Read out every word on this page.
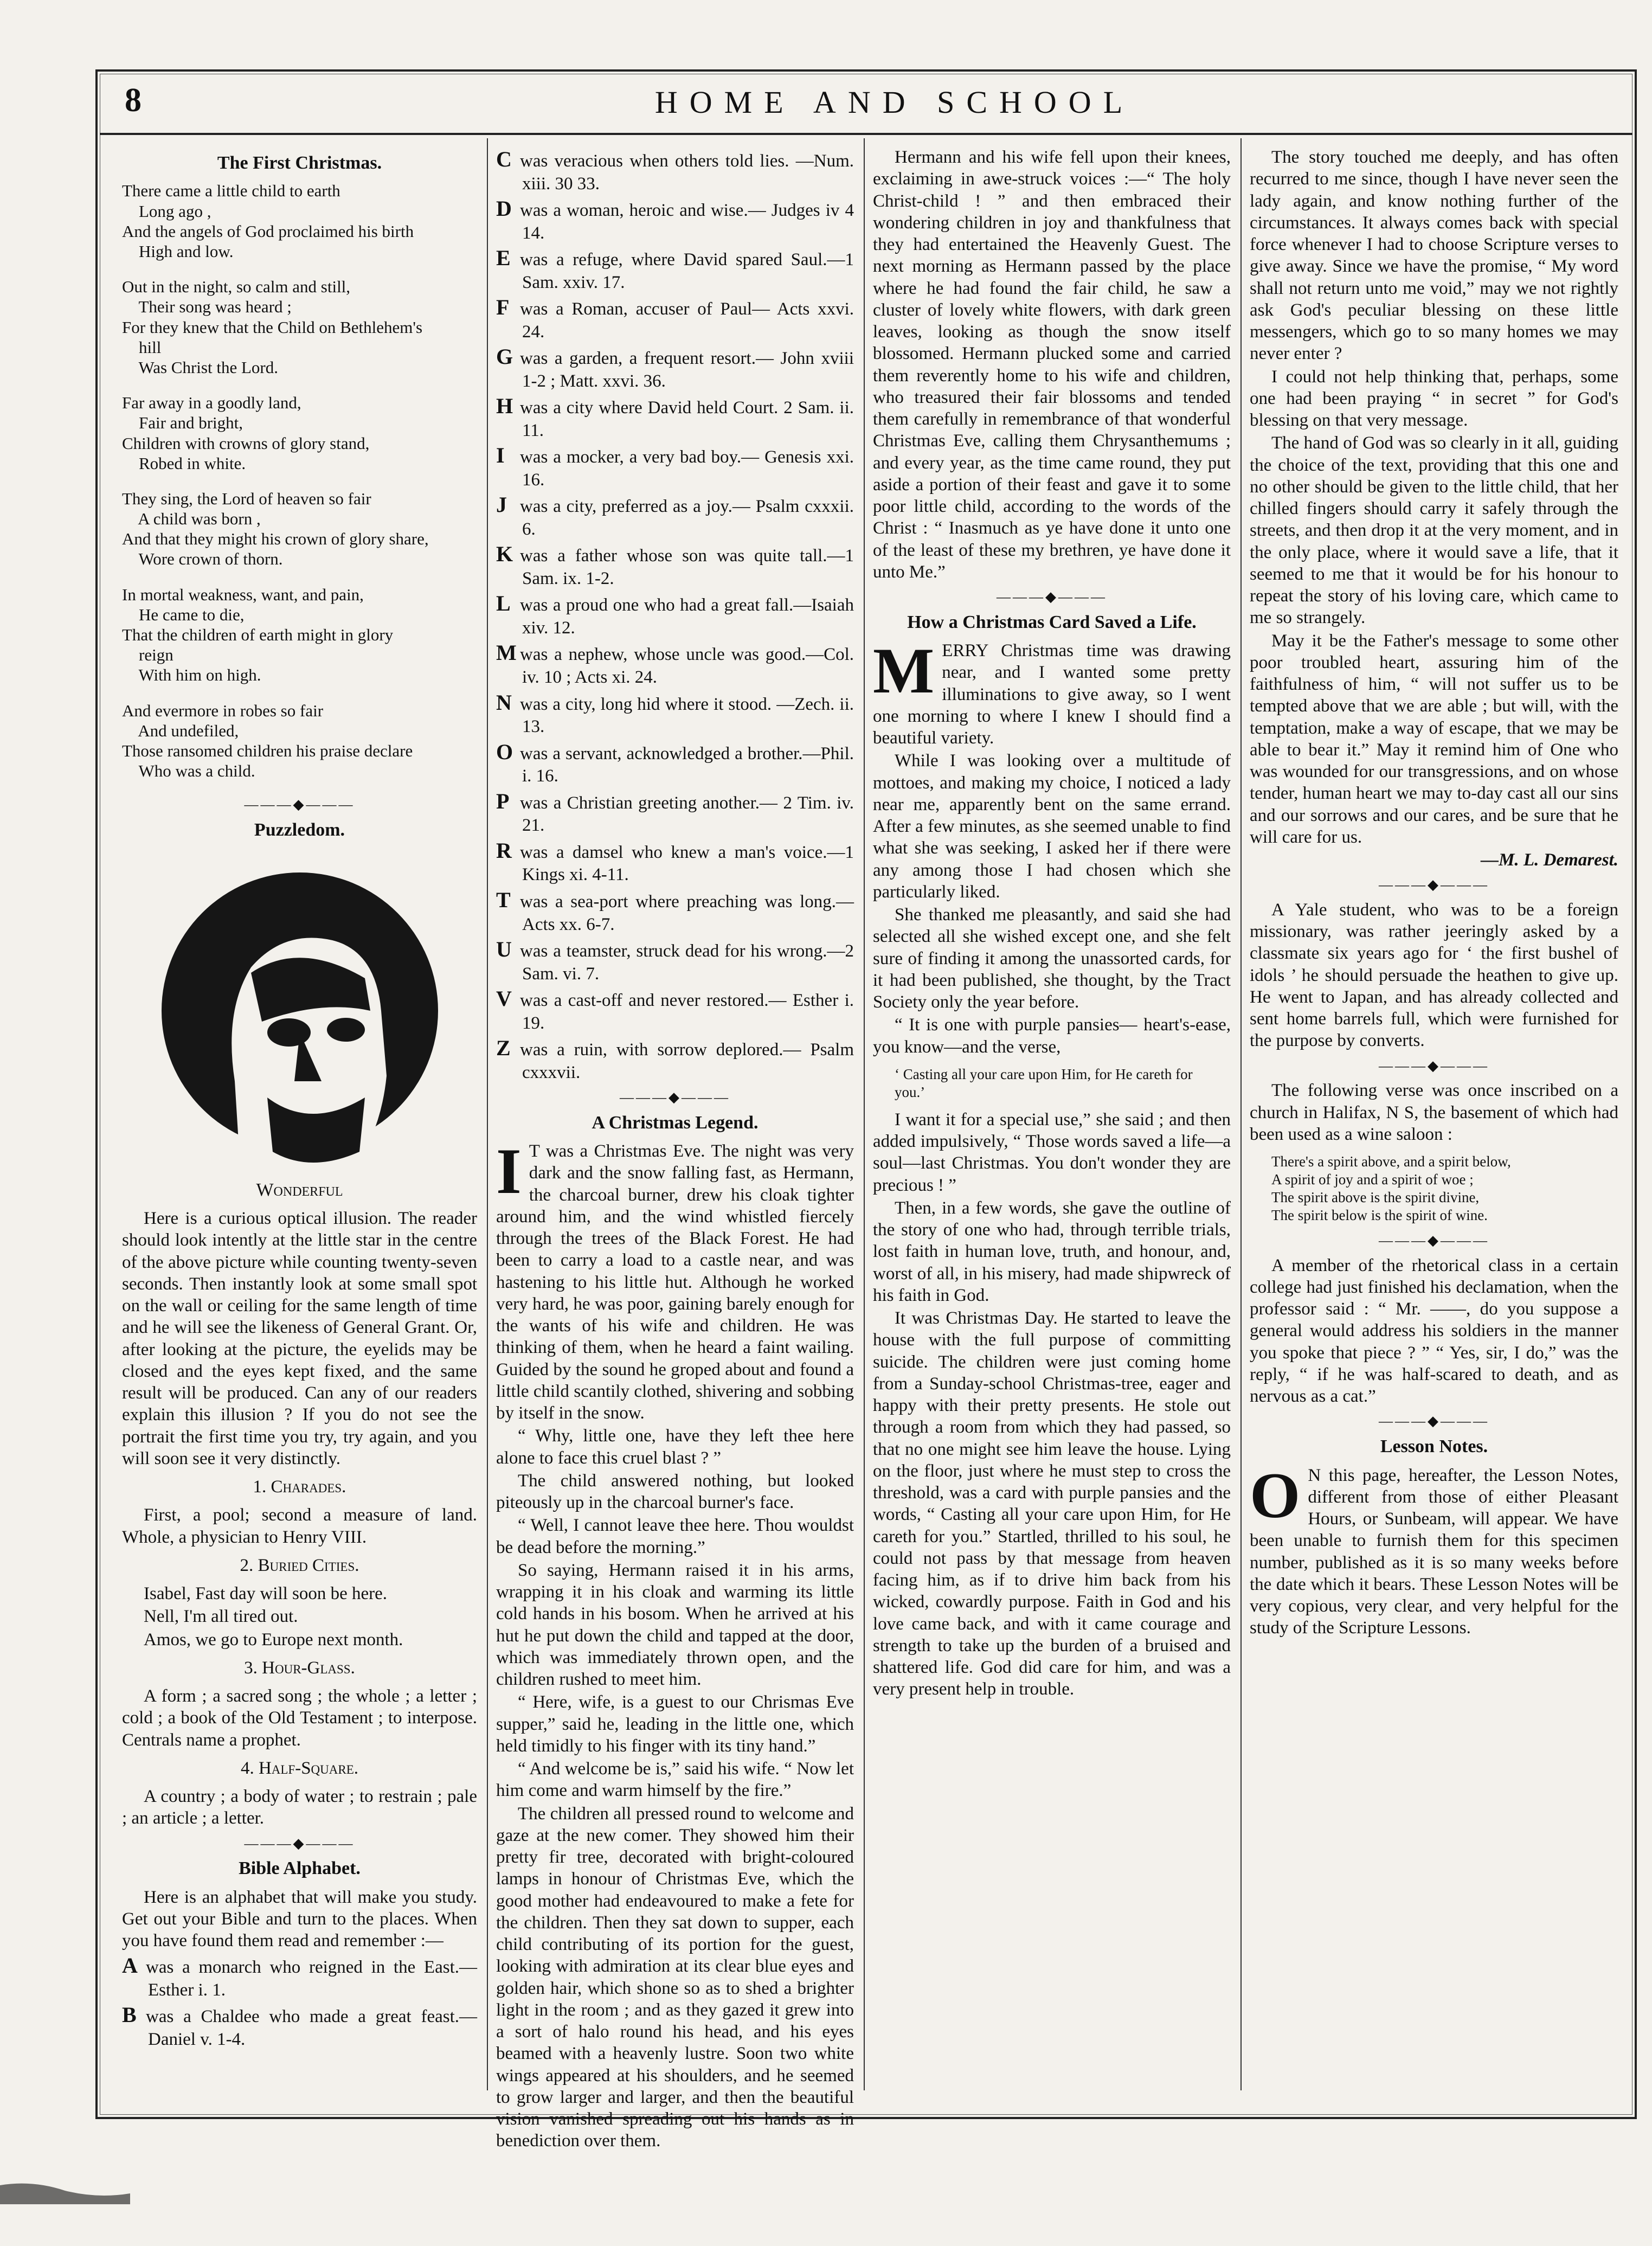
8	HOME AND SCHOOL
The First Christmas.
There came a little child to earth
Long ago ,
And the angels of God proclaimed his birth
High and low.
Out in the night, so calm and still,
Their song was heard ;
For they knew that the Child on Bethlehem's
hill
Was Christ the Lord.
Far away in a goodly land,
Fair and bright,
Children with crowns of glory stand,
Robed in white.
They sing, the Lord of heaven so fair
A child was born ,
And that they might his crown of glory share,
Wore crown of thorn.
In mortal weakness, want, and pain,
He came to die,
That the children of earth might in glory
reign
With him on high.
And evermore in robes so fair
And undefiled,
Those ransomed children his praise declare
Who was a child.
———◆———
Puzzledom.
*
Wonderful

Here is a curious optical illusion. The reader should look intently at the little star in the centre of the above picture while counting twenty-seven seconds. Then instantly look at some small spot on the wall or ceiling for the same length of time and he will see the likeness of General Grant. Or, after looking at the picture, the eyelids may be closed and the eyes kept fixed, and the same result will be produced. Can any of our readers explain this illusion ? If you do not see the portrait the first time you try, try again, and you will soon see it very distinctly.

1. Charades.

First, a pool; second a measure of land. Whole, a physician to Henry VIII.

2. Buried Cities.

Isabel, Fast day will soon be here.

Nell, I'm all tired out.

Amos, we go to Europe next month.

3. Hour-Glass.

A form ; a sacred song ; the whole ; a letter ; cold ; a book of the Old Testament ; to interpose. Centrals name a prophet.

4. Half-Square.

A country ; a body of water ; to restrain ; pale ; an article ; a letter.

———◆———
Bible Alphabet.

Here is an alphabet that will make you study. Get out your Bible and turn to the places. When you have found them read and remember :—

A was a monarch who reigned in the East.—Esther i. 1.
B was a Chaldee who made a great feast.—Daniel v. 1-4.
C was veracious when others told lies. —Num. xiii. 30 33.
D was a woman, heroic and wise.— Judges iv 4 14.
E was a refuge, where David spared Saul.—1 Sam. xxiv. 17.
F was a Roman, accuser of Paul— Acts xxvi. 24.
G was a garden, a frequent resort.— John xviii 1-2 ; Matt. xxvi. 36.
H was a city where David held Court. 2 Sam. ii. 11.
I was a mocker, a very bad boy.— Genesis xxi. 16.
J was a city, preferred as a joy.— Psalm cxxxii. 6.
K was a father whose son was quite tall.—1 Sam. ix. 1-2.
L was a proud one who had a great fall.—Isaiah xiv. 12.
M was a nephew, whose uncle was good.—Col. iv. 10 ; Acts xi. 24.
N was a city, long hid where it stood. —Zech. ii. 13.
O was a servant, acknowledged a brother.—Phil. i. 16.
P was a Christian greeting another.— 2 Tim. iv. 21.
R was a damsel who knew a man's voice.—1 Kings xi. 4-11.
T was a sea-port where preaching was long.—Acts xx. 6-7.
U was a teamster, struck dead for his wrong.—2 Sam. vi. 7.
V was a cast-off and never restored.— Esther i. 19.
Z was a ruin, with sorrow deplored.— Psalm cxxxvii.
———◆———
A Christmas Legend.

I T was a Christmas Eve. The night was very dark and the snow falling fast, as Hermann, the charcoal burner, drew his cloak tighter around him, and the wind whistled fiercely through the trees of the Black Forest. He had been to carry a load to a castle near, and was hastening to his little hut. Although he worked very hard, he was poor, gaining barely enough for the wants of his wife and children. He was thinking of them, when he heard a faint wailing. Guided by the sound he groped about and found a little child scantily clothed, shivering and sobbing by itself in the snow.

“ Why, little one, have they left thee here alone to face this cruel blast ? ”

The child answered nothing, but looked piteously up in the charcoal burner's face.

“ Well, I cannot leave thee here. Thou wouldst be dead before the morning.”

So saying, Hermann raised it in his arms, wrapping it in his cloak and warming its little cold hands in his bosom. When he arrived at his hut he put down the child and tapped at the door, which was immediately thrown open, and the children rushed to meet him.

“ Here, wife, is a guest to our Chrismas Eve supper,” said he, leading in the little one, which held timidly to his finger with its tiny hand.”

“ And welcome be is,” said his wife. “ Now let him come and warm himself by the fire.”

The children all pressed round to welcome and gaze at the new comer. They showed him their pretty fir tree, decorated with bright-coloured lamps in honour of Christmas Eve, which the good mother had endeavoured to make a fete for the children. Then they sat down to supper, each child contributing of its portion for the guest, looking with admiration at its clear blue eyes and golden hair, which shone so as to shed a brighter light in the room ; and as they gazed it grew into a sort of halo round his head, and his eyes beamed with a heavenly lustre. Soon two white wings appeared at his shoulders, and he seemed to grow larger and larger, and then the beautiful vision vanished spreading out his hands as in benediction over them.

Hermann and his wife fell upon their knees, exclaiming in awe-struck voices :—“ The holy Christ-child ! ” and then embraced their wondering children in joy and thankfulness that they had entertained the Heavenly Guest. The next morning as Hermann passed by the place where he had found the fair child, he saw a cluster of lovely white flowers, with dark green leaves, looking as though the snow itself blossomed. Hermann plucked some and carried them reverently home to his wife and children, who treasured their fair blossoms and tended them carefully in remembrance of that wonderful Christmas Eve, calling them Chrysanthemums ; and every year, as the time came round, they put aside a portion of their feast and gave it to some poor little child, according to the words of the Christ : “ Inasmuch as ye have done it unto one of the least of these my brethren, ye have done it unto Me.”

———◆———
How a Christmas Card Saved a Life.

MERRY Christmas time was drawing near, and I wanted some pretty illuminations to give away, so I went one morning to where I knew I should find a beautiful variety.

While I was looking over a multitude of mottoes, and making my choice, I noticed a lady near me, apparently bent on the same errand. After a few minutes, as she seemed unable to find what she was seeking, I asked her if there were any among those I had chosen which she particularly liked.

She thanked me pleasantly, and said she had selected all she wished except one, and she felt sure of finding it among the unassorted cards, for it had been published, she thought, by the Tract Society only the year before.

“ It is one with purple pansies— heart's-ease, you know—and the verse,

‘ Casting all your care upon Him, for He careth for you.’

I want it for a special use,” she said ; and then added impulsively, “ Those words saved a life—a soul—last Christmas. You don't wonder they are precious ! ”

Then, in a few words, she gave the outline of the story of one who had, through terrible trials, lost faith in human love, truth, and honour, and, worst of all, in his misery, had made shipwreck of his faith in God.

It was Christmas Day. He started to leave the house with the full purpose of committing suicide. The children were just coming home from a Sunday-school Christmas-tree, eager and happy with their pretty presents. He stole out through a room from which they had passed, so that no one might see him leave the house. Lying on the floor, just where he must step to cross the threshold, was a card with purple pansies and the words, “ Casting all your care upon Him, for He careth for you.” Startled, thrilled to his soul, he could not pass by that message from heaven facing him, as if to drive him back from his wicked, cowardly purpose. Faith in God and his love came back, and with it came courage and strength to take up the burden of a bruised and shattered life. God did care for him, and was a very present help in trouble.

The story touched me deeply, and has often recurred to me since, though I have never seen the lady again, and know nothing further of the circumstances. It always comes back with special force whenever I had to choose Scripture verses to give away. Since we have the promise, “ My word shall not return unto me void,” may we not rightly ask God's peculiar blessing on these little messengers, which go to so many homes we may never enter ?

I could not help thinking that, perhaps, some one had been praying “ in secret ” for God's blessing on that very message.

The hand of God was so clearly in it all, guiding the choice of the text, providing that this one and no other should be given to the little child, that her chilled fingers should carry it safely through the streets, and then drop it at the very moment, and in the only place, where it would save a life, that it seemed to me that it would be for his honour to repeat the story of his loving care, which came to me so strangely.

May it be the Father's message to some other poor troubled heart, assuring him of the faithfulness of him, “ will not suffer us to be tempted above that we are able ; but will, with the temptation, make a way of escape, that we may be able to bear it.” May it remind him of One who was wounded for our transgressions, and on whose tender, human heart we may to-day cast all our sins and our sorrows and our cares, and be sure that he will care for us.

—M. L. Demarest.
———◆———

A Yale student, who was to be a foreign missionary, was rather jeeringly asked by a classmate six years ago for ‘ the first bushel of idols ’ he should persuade the heathen to give up. He went to Japan, and has already collected and sent home barrels full, which were furnished for the purpose by converts.

———◆———

The following verse was once inscribed on a church in Halifax, N S, the basement of which had been used as a wine saloon :

There's a spirit above, and a spirit below,
A spirit of joy and a spirit of woe ;
The spirit above is the spirit divine,
The spirit below is the spirit of wine.
———◆———

A member of the rhetorical class in a certain college had just finished his declamation, when the professor said : “ Mr. ——, do you suppose a general would address his soldiers in the manner you spoke that piece ? ” “ Yes, sir, I do,” was the reply, “ if he was half-scared to death, and as nervous as a cat.”

———◆———
Lesson Notes.

O N this page, hereafter, the Lesson Notes, different from those of either Pleasant Hours, or Sunbeam, will appear. We have been unable to furnish them for this specimen number, published as it is so many weeks before the date which it bears. These Lesson Notes will be very copious, very clear, and very helpful for the study of the Scripture Lessons.
